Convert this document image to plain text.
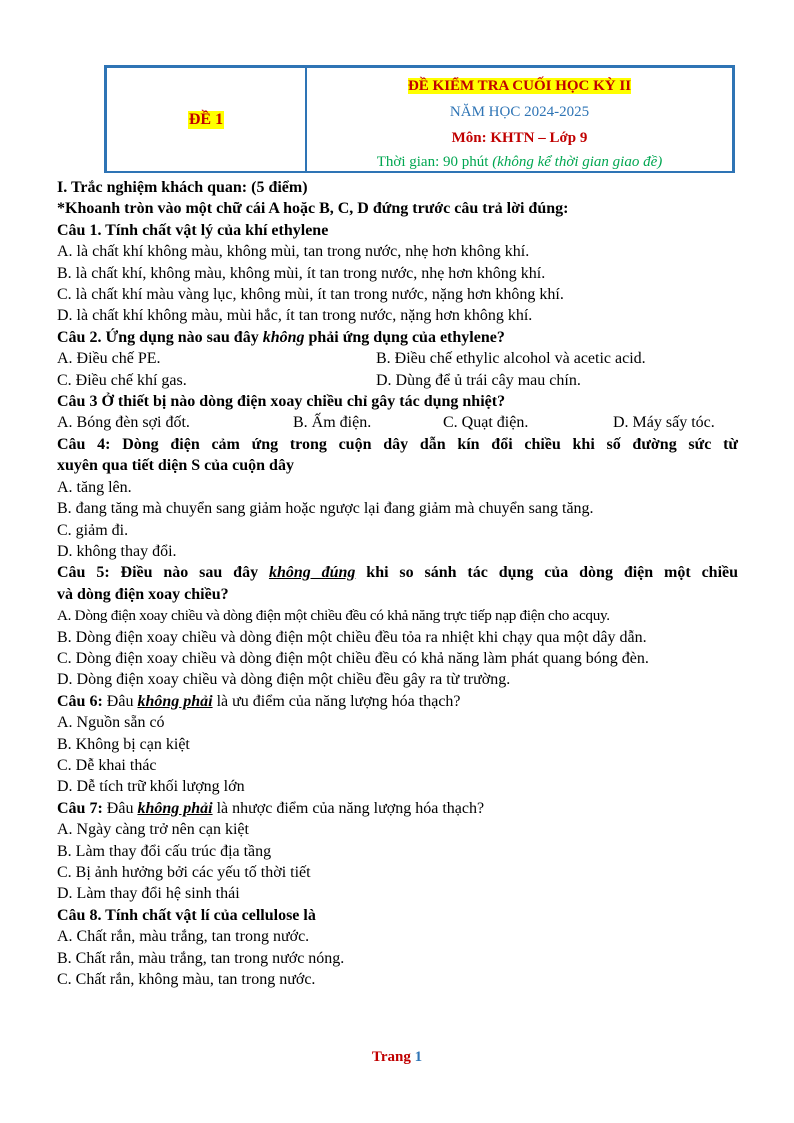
ĐỀ 1
ĐỀ KIỂM TRA CUỐI HỌC KỲ II
NĂM HỌC 2024-2025
Môn: KHTN – Lớp 9
Thời gian: 90 phút (không kể thời gian giao đề)
I. Trắc nghiệm khách quan: (5 điểm)
*Khoanh tròn vào một chữ cái A hoặc B, C, D đứng trước câu trả lời đúng:
Câu 1. Tính chất vật lý của khí ethylene
A. là chất khí không màu, không mùi, tan trong nước, nhẹ hơn không khí.
B. là chất khí, không màu, không mùi, ít tan trong nước, nhẹ hơn không khí.
C. là chất khí màu vàng lục, không mùi, ít tan trong nước, nặng hơn không khí.
D. là chất khí không màu, mùi hắc, ít tan trong nước, nặng hơn không khí.
Câu 2. Ứng dụng nào sau đây không phải ứng dụng của ethylene?
A. Điều chế PE.	B. Điều chế ethylic alcohol và acetic acid.
C. Điều chế khí gas.	D. Dùng để ủ trái cây mau chín.
Câu 3 Ở thiết bị nào dòng điện xoay chiều chỉ gây tác dụng nhiệt?
A. Bóng đèn sợi đốt.	B. Ấm điện.	C. Quạt điện.	D. Máy sấy tóc.
Câu 4: Dòng điện cảm ứng trong cuộn dây dẫn kín đổi chiều khi số đường sức từ
xuyên qua tiết diện S của cuộn dây
A. tăng lên.
B. đang tăng mà chuyển sang giảm hoặc ngược lại đang giảm mà chuyển sang tăng.
C. giảm đi.
D. không thay đổi.
Câu 5: Điều nào sau đây không đúng khi so sánh tác dụng của dòng điện một chiều
và dòng điện xoay chiều?
A. Dòng điện xoay chiều và dòng điện một chiều đều có khả năng trực tiếp nạp điện cho acquy.
B. Dòng điện xoay chiều và dòng điện một chiều đều tỏa ra nhiệt khi chạy qua một dây dẫn.
C. Dòng điện xoay chiều và dòng điện một chiều đều có khả năng làm phát quang bóng đèn.
D. Dòng điện xoay chiều và dòng điện một chiều đều gây ra từ trường.
Câu 6: Đâu không phải là ưu điểm của năng lượng hóa thạch?
A. Nguồn sẵn có
B. Không bị cạn kiệt
C. Dễ khai thác
D. Dễ tích trữ khối lượng lớn
Câu 7: Đâu không phải là nhược điểm của năng lượng hóa thạch?
A. Ngày càng trở nên cạn kiệt
B. Làm thay đổi cấu trúc địa tầng
C. Bị ảnh hưởng bởi các yếu tố thời tiết
D. Làm thay đổi hệ sinh thái
Câu 8. Tính chất vật lí của cellulose là
A. Chất rắn, màu trắng, tan trong nước.
B. Chất rắn, màu trắng, tan trong nước nóng.
C. Chất rắn, không màu, tan trong nước.
Trang 1
